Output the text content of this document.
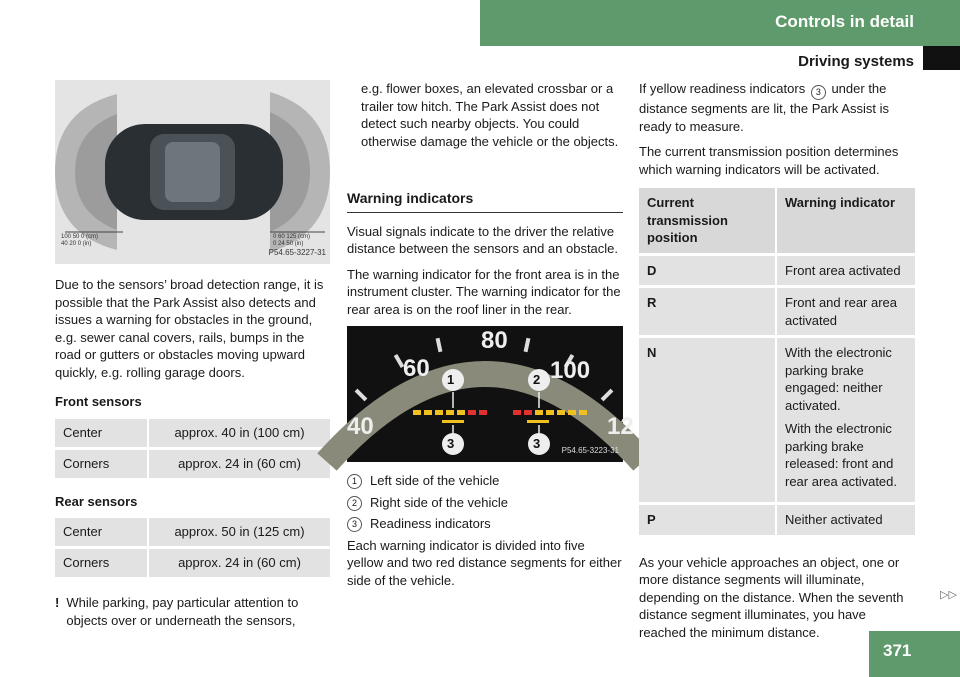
Controls in detail
Driving systems
100 50 0 (cm)
40 20 0 (in)
0 60 125 (cm)
0 24 50 (in)
P54.65-3227-31

Due to the sensors’ broad detection range, it is possible that the Park Assist also detects and issues a warning for obstacles in the ground, e.g. sewer canal covers, rails, bumps in the road or gutters or obstacles moving upward quickly, e.g. rolling garage doors.

Front sensors

Center	approx. 40 in (100 cm)
Corners	approx. 24 in (60 cm)

Rear sensors

Center	approx. 50 in (125 cm)
Corners	approx. 24 in (60 cm)
! While parking, pay particular attention to objects over or underneath the sensors,

e.g. flower boxes, an elevated crossbar or a trailer tow hitch. The Park Assist does not detect such nearby objects. You could otherwise damage the vehicle or the objects.

Warning indicators

Visual signals indicate to the driver the relative distance between the sensors and an obstacle.

The warning indicator for the front area is in the instrument cluster. The warning indicator for the rear area is on the roof liner in the rear.

60
80
100
40	12
1	2
3	3	P54.65-3223-31
1	Left side of the vehicle
2	Right side of the vehicle
3	Readiness indicators

Each warning indicator is divided into five yellow and two red distance segments for either side of the vehicle.

If yellow readiness indicators 3 under the distance segments are lit, the Park Assist is ready to measure.

The current transmission position determines which warning indicators will be activated.

Current transmission position	Warning indicator
D	Front area activated
R	Front and rear area activated
N	With the electronic parking brake engaged: neither activated.

With the electronic parking brake released: front and rear area activated.

P	Neither activated

As your vehicle approaches an object, one or more distance segments will illuminate, depending on the distance. When the seventh distance segment illuminates, you have reached the minimum distance.

▷▷
371
